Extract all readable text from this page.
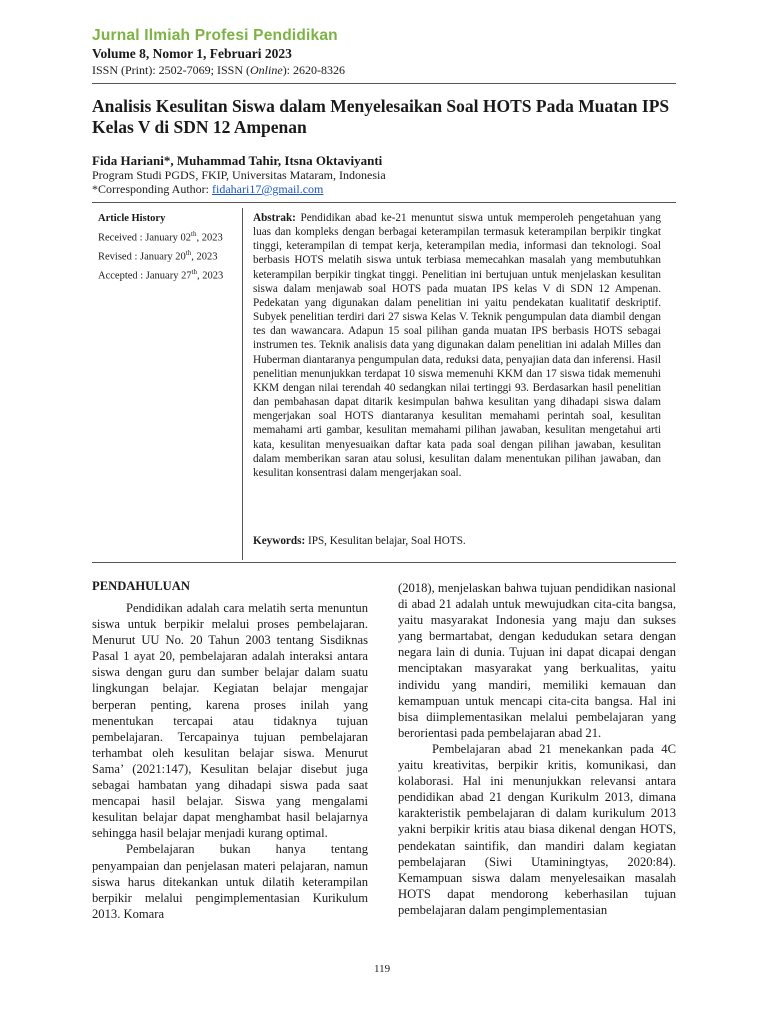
Jurnal Ilmiah Profesi Pendidikan
Volume 8, Nomor 1, Februari 2023
ISSN (Print): 2502-7069; ISSN (Online): 2620-8326
Analisis Kesulitan Siswa dalam Menyelesaikan Soal HOTS Pada Muatan IPS Kelas V di SDN 12 Ampenan
Fida Hariani*, Muhammad Tahir, Itsna Oktaviyanti
Program Studi PGDS, FKIP, Universitas Mataram, Indonesia
*Corresponding Author: fidahari17@gmail.com
Article History
Received : January 02th, 2023
Revised : January 20th, 2023
Accepted : January 27th, 2023
Abstrak: Pendidikan abad ke-21 menuntut siswa untuk memperoleh pengetahuan yang luas dan kompleks dengan berbagai keterampilan termasuk keterampilan berpikir tingkat tinggi, keterampilan di tempat kerja, keterampilan media, informasi dan teknologi. Soal berbasis HOTS melatih siswa untuk terbiasa memecahkan masalah yang membutuhkan keterampilan berpikir tingkat tinggi. Penelitian ini bertujuan untuk menjelaskan kesulitan siswa dalam menjawab soal HOTS pada muatan IPS kelas V di SDN 12 Ampenan. Pedekatan yang digunakan dalam penelitian ini yaitu pendekatan kualitatif deskriptif. Subyek penelitian terdiri dari 27 siswa Kelas V. Teknik pengumpulan data diambil dengan tes dan wawancara. Adapun 15 soal pilihan ganda muatan IPS berbasis HOTS sebagai instrumen tes. Teknik analisis data yang digunakan dalam penelitian ini adalah Milles dan Huberman diantaranya pengumpulan data, reduksi data, penyajian data dan inferensi. Hasil penelitian menunjukkan terdapat 10 siswa memenuhi KKM dan 17 siswa tidak memenuhi KKM dengan nilai terendah 40 sedangkan nilai tertinggi 93. Berdasarkan hasil penelitian dan pembahasan dapat ditarik kesimpulan bahwa kesulitan yang dihadapi siswa dalam mengerjakan soal HOTS diantaranya kesulitan memahami perintah soal, kesulitan memahami arti gambar, kesulitan memahami pilihan jawaban, kesulitan mengetahui arti kata, kesulitan menyesuaikan daftar kata pada soal dengan pilihan jawaban, kesulitan dalam memberikan saran atau solusi, kesulitan dalam menentukan pilihan jawaban, dan kesulitan konsentrasi dalam mengerjakan soal.
Keywords: IPS, Kesulitan belajar, Soal HOTS.
PENDAHULUAN

Pendidikan adalah cara melatih serta menuntun siswa untuk berpikir melalui proses pembelajaran. Menurut UU No. 20 Tahun 2003 tentang Sisdiknas Pasal 1 ayat 20, pembelajaran adalah interaksi antara siswa dengan guru dan sumber belajar dalam suatu lingkungan belajar. Kegiatan belajar mengajar berperan penting, karena proses inilah yang menentukan tercapai atau tidaknya tujuan pembelajaran. Tercapainya tujuan pembelajaran terhambat oleh kesulitan belajar siswa. Menurut Sama’ (2021:147), Kesulitan belajar disebut juga sebagai hambatan yang dihadapi siswa pada saat mencapai hasil belajar. Siswa yang mengalami kesulitan belajar dapat menghambat hasil belajarnya sehingga hasil belajar menjadi kurang optimal.

Pembelajaran bukan hanya tentang penyampaian dan penjelasan materi pelajaran, namun siswa harus ditekankan untuk dilatih keterampilan berpikir melalui pengimplementasian Kurikulum 2013. Komara

(2018), menjelaskan bahwa tujuan pendidikan nasional di abad 21 adalah untuk mewujudkan cita-cita bangsa, yaitu masyarakat Indonesia yang maju dan sukses yang bermartabat, dengan kedudukan setara dengan negara lain di dunia. Tujuan ini dapat dicapai dengan menciptakan masyarakat yang berkualitas, yaitu individu yang mandiri, memiliki kemauan dan kemampuan untuk mencapi cita-cita bangsa. Hal ini bisa diimplementasikan melalui pembelajaran yang berorientasi pada pembelajaran abad 21.

Pembelajaran abad 21 menekankan pada 4C yaitu kreativitas, berpikir kritis, komunikasi, dan kolaborasi. Hal ini menunjukkan relevansi antara pendidikan abad 21 dengan Kurikulm 2013, dimana karakteristik pembelajaran di dalam kurikulum 2013 yakni berpikir kritis atau biasa dikenal dengan HOTS, pendekatan saintifik, dan mandiri dalam kegiatan pembelajaran (Siwi Utaminingtyas, 2020:84). Kemampuan siswa dalam menyelesaikan masalah HOTS dapat mendorong keberhasilan tujuan pembelajaran dalam pengimplementasian

119
